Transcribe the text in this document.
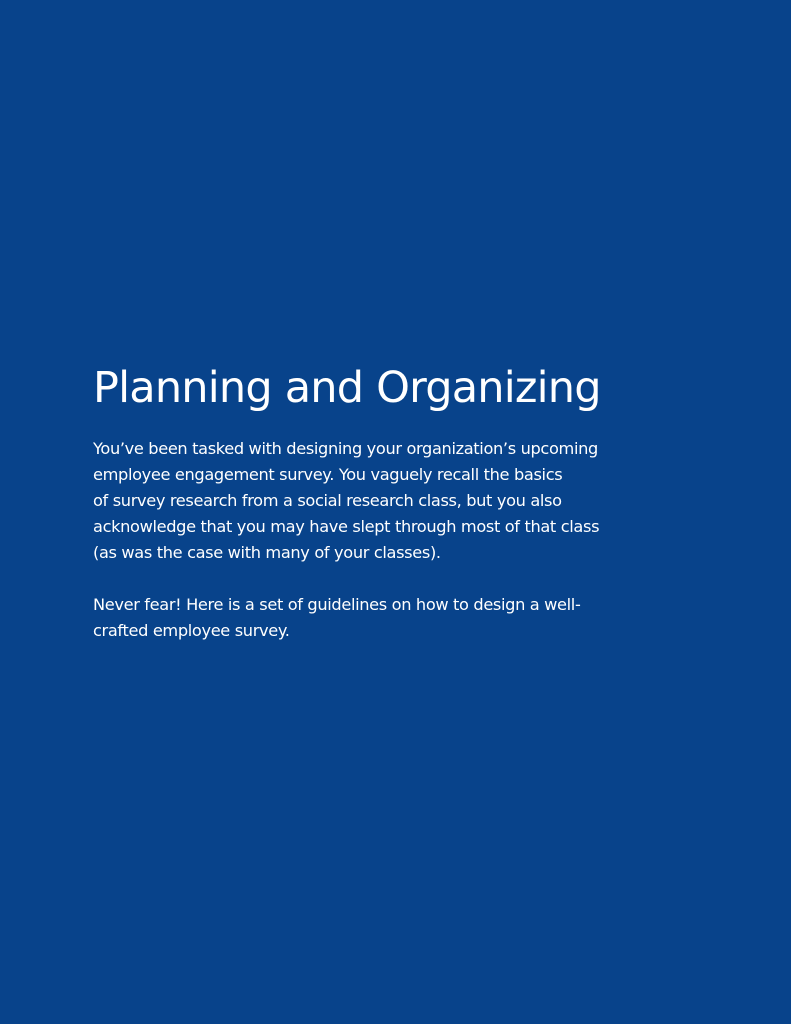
Planning and Organizing

You’ve been tasked with designing your organization’s upcoming
employee engagement survey. You vaguely recall the basics
of survey research from a social research class, but you also
acknowledge that you may have slept through most of that class
(as was the case with many of your classes).

Never fear! Here is a set of guidelines on how to design a well-
crafted employee survey.
